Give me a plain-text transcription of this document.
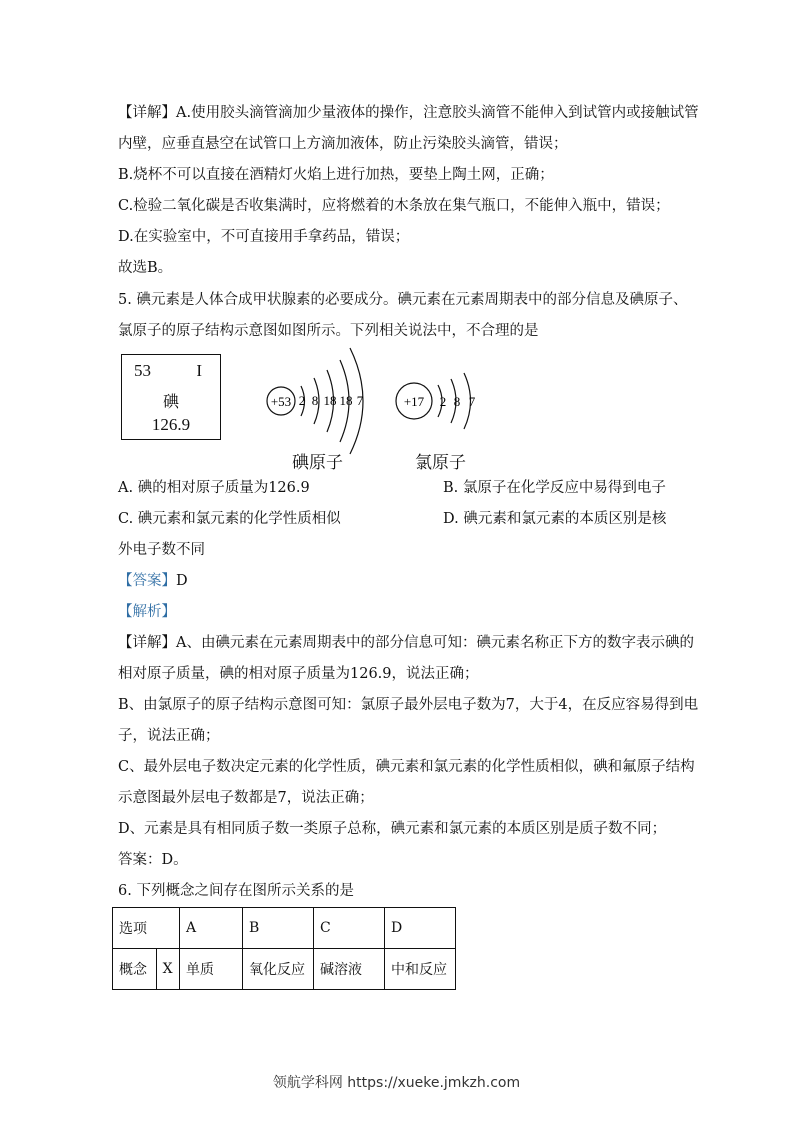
【详解】A.使用胶头滴管滴加少量液体的操作，注意胶头滴管不能伸入到试管内或接触试管
内壁，应垂直悬空在试管口上方滴加液体，防止污染胶头滴管，错误；
B.烧杯不可以直接在酒精灯火焰上进行加热，要垫上陶土网，正确；
C.检验二氧化碳是否收集满时，应将燃着的木条放在集气瓶口，不能伸入瓶中，错误；
D.在实验室中，不可直接用手拿药品，错误；
故选B。
5. 碘元素是人体合成甲状腺素的必要成分。碘元素在元素周期表中的部分信息及碘原子、
氯原子的原子结构示意图如图所示。下列相关说法中，不合理的是
53	I
碘
126.9
+53 2 8 18 18 7
碘原子
+17 2 8 7
氯原子
A. 碘的相对原子质量为126.9	B. 氯原子在化学反应中易得到电子
C. 碘元素和氯元素的化学性质相似	D. 碘元素和氯元素的本质区别是核
外电子数不同
【答案】D
【解析】
【详解】A、由碘元素在元素周期表中的部分信息可知：碘元素名称正下方的数字表示碘的
相对原子质量，碘的相对原子质量为126.9，说法正确；
B、由氯原子的原子结构示意图可知：氯原子最外层电子数为7，大于4，在反应容易得到电
子，说法正确；
C、最外层电子数决定元素的化学性质，碘元素和氯元素的化学性质相似，碘和氟原子结构
示意图最外层电子数都是7，说法正确；
D、元素是具有相同质子数一类原子总称，碘元素和氯元素的本质区别是质子数不同；
答案：D。
6. 下列概念之间存在图所示关系的是
选项		A	B	C	D
概念	X	单质	氧化反应	碱溶液	中和反应
领航学科网 https://xueke.jmkzh.com
